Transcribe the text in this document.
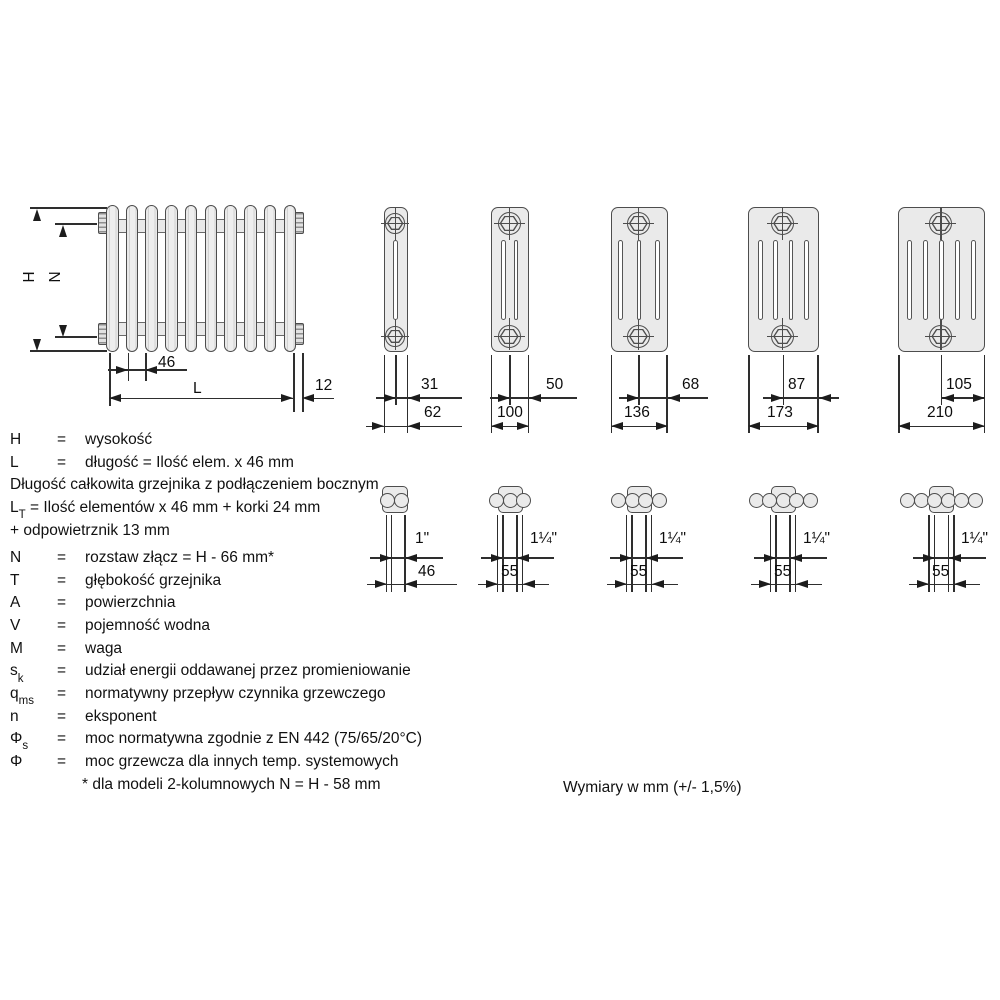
31
62
50
100
68
136
87
173
105
210
1"
46
1¼"
55
1¼"
55
1¼"
55
1¼"
55
H N
46
L	12
H	=	wysokość
L	=	długość = Ilość elem. x 46 mm
Długość całkowita grzejnika z podłączeniem bocznym
$L_T$ = Ilość elementów x 46 mm + korki 24 mm
+ odpowietrznik 13 mm
N	=	rozstaw złącz = H - 66 mm*
T	=	głębokość grzejnika
A	=	powierzchnia
V	=	pojemność wodna
M	=	waga
$s_k$	=	udział energii oddawanej przez promieniowanie
$q_{ms}$	=	normatywny przepływ czynnika grzewczego
n	=	eksponent
$\Phi_s$	=	moc normatywna zgodnie z EN 442 (75/65/20°C)
Φ	=	moc grzewcza dla innych temp. systemowych
* dla modeli 2-kolumnowych N = H - 58 mm	Wymiary w mm (+/- 1,5%)
